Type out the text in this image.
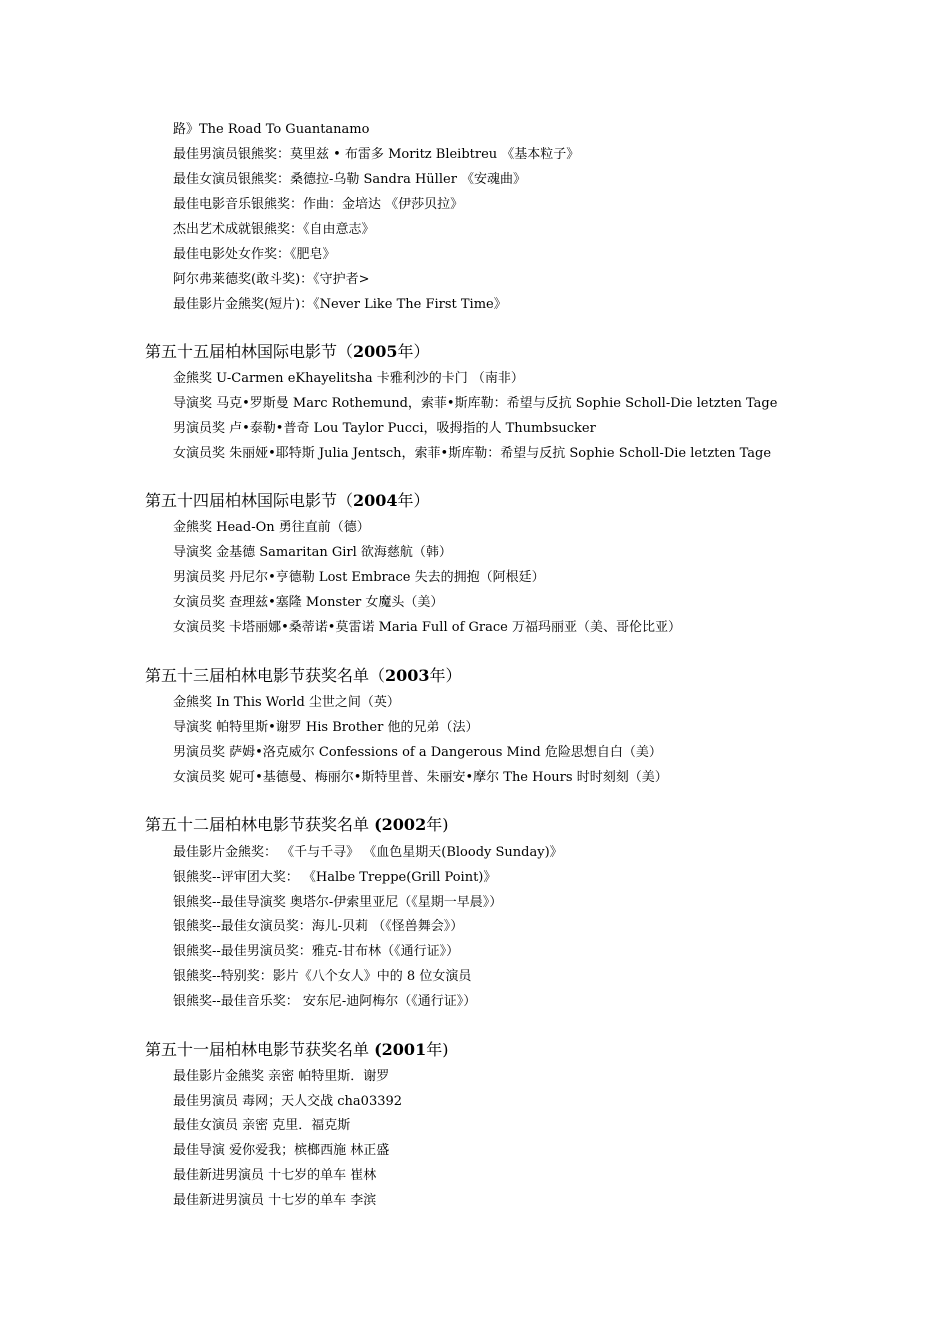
路》The Road To Guantanamo
最佳男演员银熊奖：莫里兹 • 布雷多 Moritz Bleibtreu 《基本粒子》
最佳女演员银熊奖：桑德拉-乌勒 Sandra Hüller 《安魂曲》
最佳电影音乐银熊奖：作曲：金培达 《伊莎贝拉》
杰出艺术成就银熊奖：《自由意志》
最佳电影处女作奖：《肥皂》
阿尔弗莱德奖(敢斗奖)：《守护者>
最佳影片金熊奖(短片)：《Never Like The First Time》
第五十五届柏林国际电影节（2005年）
金熊奖 U-Carmen eKhayelitsha 卡雅利沙的卡门 （南非）
导演奖 马克•罗斯曼 Marc Rothemund，索菲•斯库勒：希望与反抗 Sophie Scholl-Die letzten Tage
男演员奖 卢•泰勒•普奇 Lou Taylor Pucci，吸拇指的人 Thumbsucker
女演员奖 朱丽娅•耶特斯 Julia Jentsch，索菲•斯库勒：希望与反抗 Sophie Scholl-Die letzten Tage
第五十四届柏林国际电影节（2004年）
金熊奖 Head-On 勇往直前（德）
导演奖 金基德 Samaritan Girl 欲海慈航（韩）
男演员奖 丹尼尔•亨德勒 Lost Embrace 失去的拥抱（阿根廷）
女演员奖 查理兹•塞隆 Monster 女魔头（美）
女演员奖 卡塔丽娜•桑蒂诺•莫雷诺 Maria Full of Grace 万福玛丽亚（美、哥伦比亚）
第五十三届柏林电影节获奖名单（2003年）
金熊奖 In This World 尘世之间（英）
导演奖 帕特里斯•谢罗 His Brother 他的兄弟（法）
男演员奖 萨姆•洛克威尔 Confessions of a Dangerous Mind 危险思想自白（美）
女演员奖 妮可•基德曼、梅丽尔•斯特里普、朱丽安•摩尔 The Hours 时时刻刻（美）
第五十二届柏林电影节获奖名单 (2002年)
最佳影片金熊奖： 《千与千寻》 《血色星期天(Bloody Sunday)》
银熊奖--评审团大奖： 《Halbe Treppe(Grill Point)》
银熊奖--最佳导演奖 奥塔尔-伊索里亚尼（《星期一早晨》）
银熊奖--最佳女演员奖：海儿-贝莉 （《怪兽舞会》）
银熊奖--最佳男演员奖：雅克-甘布林（《通行证》）
银熊奖--特别奖：影片《八个女人》中的 8 位女演员
银熊奖--最佳音乐奖： 安东尼-迪阿梅尔（《通行证》）
第五十一届柏林电影节获奖名单 (2001年)
最佳影片金熊奖 亲密 帕特里斯．谢罗
最佳男演员 毒网；天人交战 cha03392
最佳女演员 亲密 克里．福克斯
最佳导演 爱你爱我；槟榔西施 林正盛
最佳新进男演员 十七岁的单车 崔林
最佳新进男演员 十七岁的单车 李滨
